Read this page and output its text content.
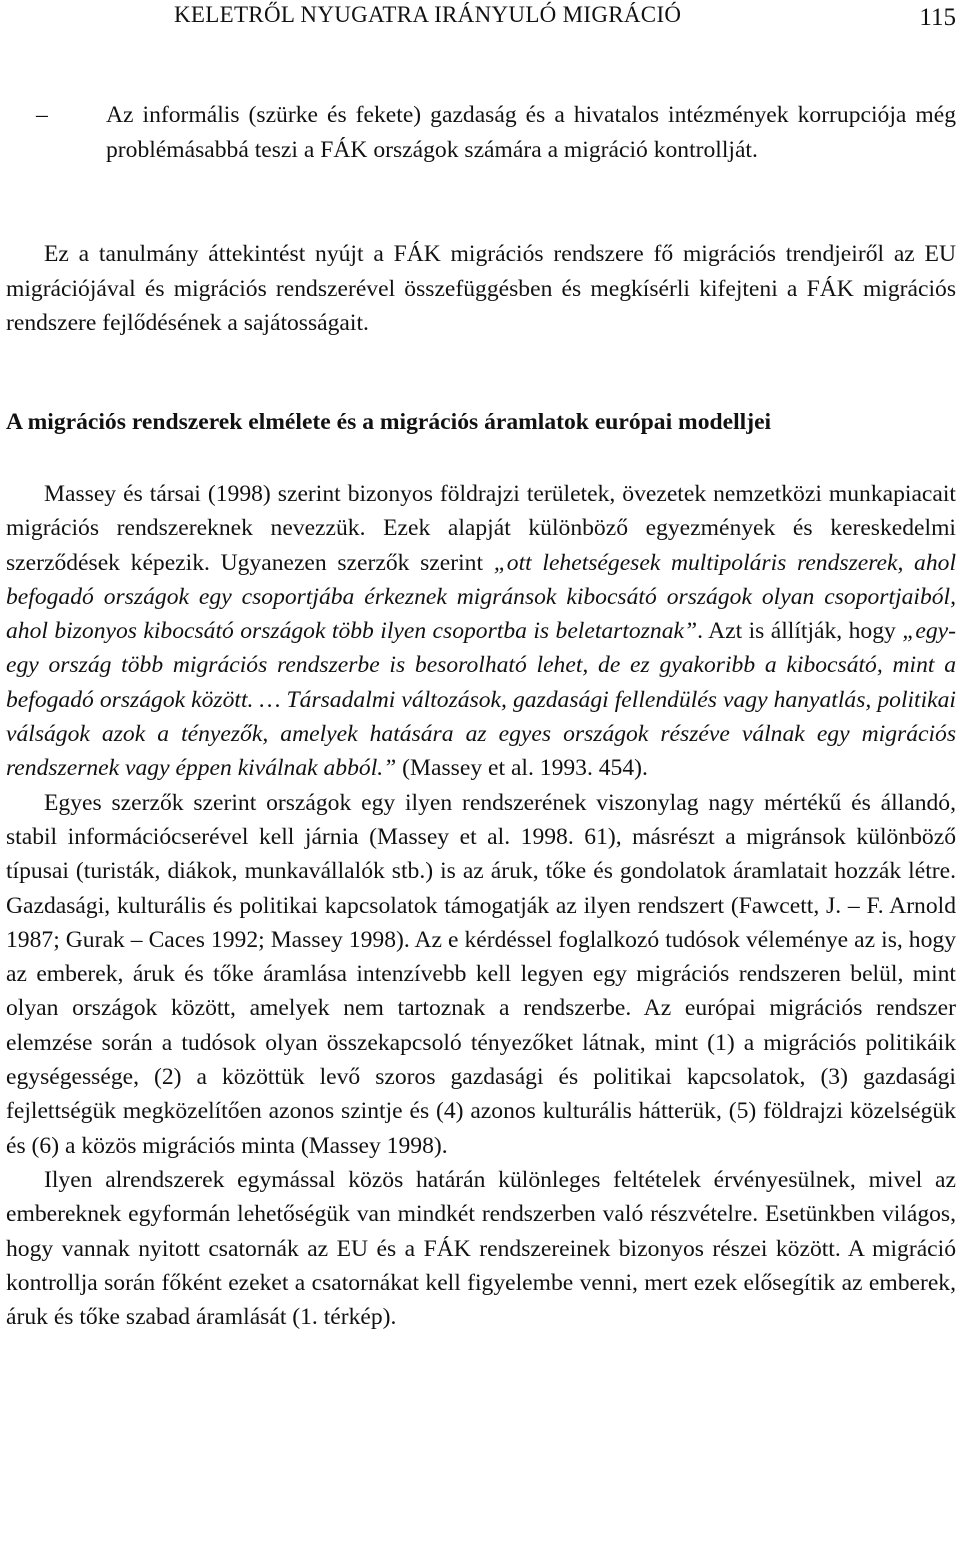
KELETRŐL NYUGATRA IRÁNYULÓ MIGRÁCIÓ	115
– Az informális (szürke és fekete) gazdaság és a hivatalos intézmények korrupciója még problémásabbá teszi a FÁK országok számára a migráció kontrollját.

Ez a tanulmány áttekintést nyújt a FÁK migrációs rendszere fő migrációs trendjeiről az EU migrációjával és migrációs rendszerével összefüggésben és megkísérli kifejteni a FÁK migrációs rendszere fejlődésének a sajátosságait.

A migrációs rendszerek elmélete és a migrációs áramlatok európai modelljei

Massey és társai (1998) szerint bizonyos földrajzi területek, övezetek nemzetközi munkapiacait migrációs rendszereknek nevezzük. Ezek alapját különböző egyezmények és kereskedelmi szerződések képezik. Ugyanezen szerzők szerint „ott lehetségesek multipoláris rendszerek, ahol befogadó országok egy csoportjába érkeznek migránsok kibocsátó országok olyan csoportjaiból, ahol bizonyos kibocsátó országok több ilyen csoportba is beletartoznak”. Azt is állítják, hogy „egy-egy ország több migrációs rendszerbe is besorolható lehet, de ez gyakoribb a kibocsátó, mint a befogadó országok között. … Társadalmi változások, gazdasági fellendülés vagy hanyatlás, politikai válságok azok a tényezők, amelyek hatására az egyes országok részéve válnak egy migrációs rendszernek vagy éppen kiválnak abból.” (Massey et al. 1993. 454).

Egyes szerzők szerint országok egy ilyen rendszerének viszonylag nagy mértékű és állandó, stabil információcserével kell járnia (Massey et al. 1998. 61), másrészt a migránsok különböző típusai (turisták, diákok, munkavállalók stb.) is az áruk, tőke és gondolatok áramlatait hozzák létre. Gazdasági, kulturális és politikai kapcsolatok támogatják az ilyen rendszert (Fawcett, J. – F. Arnold 1987; Gurak – Caces 1992; Massey 1998). Az e kérdéssel foglalkozó tudósok véleménye az is, hogy az emberek, áruk és tőke áramlása intenzívebb kell legyen egy migrációs rendszeren belül, mint olyan országok között, amelyek nem tartoznak a rendszerbe. Az európai migrációs rendszer elemzése során a tudósok olyan összekapcsoló tényezőket látnak, mint (1) a migrációs politikáik egységessége, (2) a közöttük levő szoros gazdasági és politikai kapcsolatok, (3) gazdasági fejlettségük megközelítően azonos szintje és (4) azonos kulturális hátterük, (5) földrajzi közelségük és (6) a közös migrációs minta (Massey 1998).

Ilyen alrendszerek egymással közös határán különleges feltételek érvényesülnek, mivel az embereknek egyformán lehetőségük van mindkét rendszerben való részvételre. Esetünkben világos, hogy vannak nyitott csatornák az EU és a FÁK rendszereinek bizonyos részei között. A migráció kontrollja során főként ezeket a csatornákat kell figyelembe venni, mert ezek elősegítik az emberek, áruk és tőke szabad áramlását (1. térkép).
